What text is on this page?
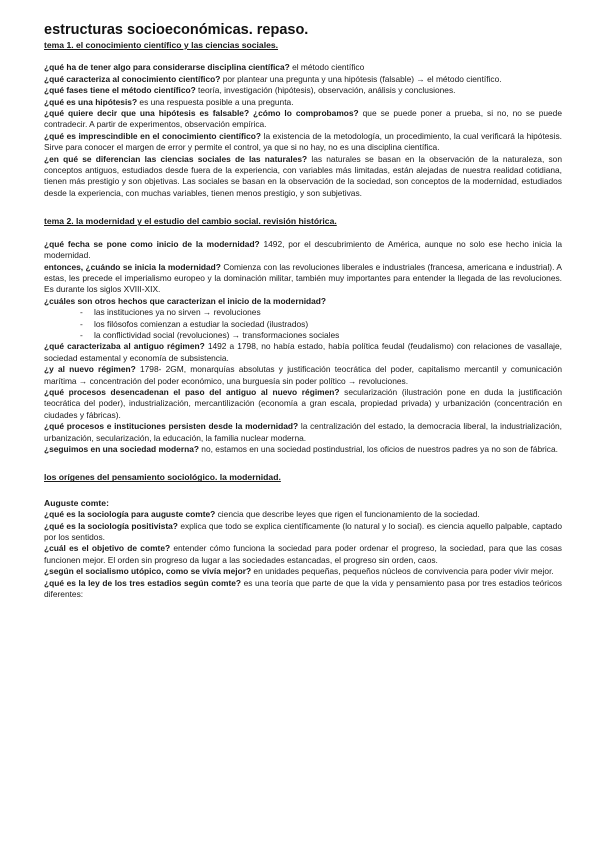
estructuras socioeconómicas. repaso.
tema 1. el conocimiento científico y las ciencias sociales.

¿qué ha de tener algo para considerarse disciplina científica? el método científico

¿qué caracteriza al conocimiento científico? por plantear una pregunta y una hipótesis (falsable) → el método científico.

¿qué fases tiene el método científico? teoría, investigación (hipótesis), observación, análisis y conclusiones.

¿qué es una hipótesis? es una respuesta posible a una pregunta.

¿qué quiere decir que una hipótesis es falsable? ¿cómo lo comprobamos? que se puede poner a prueba, si no, no se puede contradecir. A partir de experimentos, observación empírica.

¿qué es imprescindible en el conocimiento científico? la existencia de la metodología, un procedimiento, la cual verificará la hipótesis. Sirve para conocer el margen de error y permite el control, ya que si no hay, no es una disciplina científica.

¿en qué se diferencian las ciencias sociales de las naturales? las naturales se basan en la observación de la naturaleza, son conceptos antiguos, estudiados desde fuera de la experiencia, con variables más limitadas, están alejadas de nuestra realidad cotidiana, tienen más prestigio y son objetivas. Las sociales se basan en la observación de la sociedad, son conceptos de la modernidad, estudiados desde la experiencia, con muchas variables, tienen menos prestigio, y son subjetivas.

tema 2. la modernidad y el estudio del cambio social. revisión histórica.

¿qué fecha se pone como inicio de la modernidad? 1492, por el descubrimiento de América, aunque no solo ese hecho inicia la modernidad.

entonces, ¿cuándo se inicia la modernidad? Comienza con las revoluciones liberales e industriales (francesa, americana e industrial). A estas, les precede el imperialismo europeo y la dominación militar, también muy importantes para entender la llegada de las revoluciones. Es durante los siglos XVIII-XIX.

¿cuáles son otros hechos que caracterizan el inicio de la modernidad?

- las instituciones ya no sirven → revoluciones
- los filósofos comienzan a estudiar la sociedad (ilustrados)
- la conflictividad social (revoluciones) → transformaciones sociales

¿qué caracterizaba al antiguo régimen? 1492 a 1798, no había estado, había política feudal (feudalismo) con relaciones de vasallaje, sociedad estamental y economía de subsistencia.

¿y al nuevo régimen? 1798- 2GM, monarquías absolutas y justificación teocrática del poder, capitalismo mercantil y comunicación marítima → concentración del poder económico, una burguesía sin poder político → revoluciones.

¿qué procesos desencadenan el paso del antiguo al nuevo régimen? secularización (ilustración pone en duda la justificación teocrática del poder), industrialización, mercantilización (economía a gran escala, propiedad privada) y urbanización (concentración en ciudades y fábricas).

¿qué procesos e instituciones persisten desde la modernidad? la centralización del estado, la democracia liberal, la industrialización, urbanización, secularización, la educación, la familia nuclear moderna.

¿seguimos en una sociedad moderna? no, estamos en una sociedad postindustrial, los oficios de nuestros padres ya no son de fábrica.

los orígenes del pensamiento sociológico. la modernidad.
Auguste comte:

¿qué es la sociología para auguste comte? ciencia que describe leyes que rigen el funcionamiento de la sociedad.

¿qué es la sociología positivista? explica que todo se explica científicamente (lo natural y lo social). es ciencia aquello palpable, captado por los sentidos.

¿cuál es el objetivo de comte? entender cómo funciona la sociedad para poder ordenar el progreso, la sociedad, para que las cosas funcionen mejor. El orden sin progreso da lugar a las sociedades estancadas, el progreso sin orden, caos.

¿según el socialismo utópico, como se vivía mejor? en unidades pequeñas, pequeños núcleos de convivencia para poder vivir mejor.

¿qué es la ley de los tres estadios según comte? es una teoría que parte de que la vida y pensamiento pasa por tres estadios teóricos diferentes:
